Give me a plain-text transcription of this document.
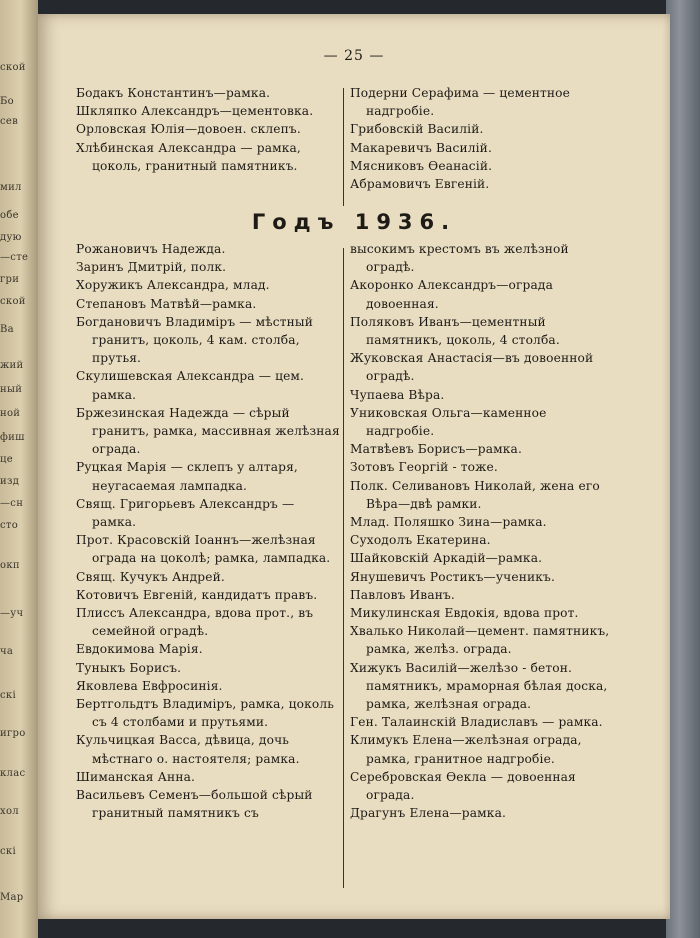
ской
Бо
сев
мил
обе
дую
—сте
гри
ской
Ва
жий
ный
ной
фиш
це
изд
—сн
сто
окп
—уч
ча
скі
игро
клас
хол
скі
Мар
— 25 —

Бодакъ Константинъ—рамка.

Шкляпко Александръ—цементовка.

Орловская Юлія—довоен. склепъ.

Хлѣбинская Александра — рамка, цоколь, гранитный памятникъ.

Подерни Серафима — цементное надгробіе.

Грибовскій Василій.

Макаревичъ Василій.

Мясниковъ Ѳеанасій.

Абрамовичъ Евгеній.

Годъ 1936.

Рожановичъ Надежда.

Заринъ Дмитрій, полк.

Хоружикъ Александра, млад.

Степановъ Матвѣй—рамка.

Богдановичъ Владиміръ — мѣстный гранитъ, цоколь, 4 кам. столба, прутья.

Скулишевская Александра — цем. рамка.

Бржезинская Надежда — сѣрый гранитъ, рамка, массивная желѣзная ограда.

Руцкая Марія — склепъ у алтаря, неугасаемая лампадка.

Свящ. Григорьевъ Александръ — рамка.

Прот. Красовскій Іоаннъ—желѣзная ограда на цоколѣ; рамка, лампадка.

Свящ. Кучукъ Андрей.

Котовичъ Евгеній, кандидатъ правъ.

Плиссъ Александра, вдова прот., въ семейной оградѣ.

Евдокимова Марія.

Туныкъ Борисъ.

Яковлева Евфросинія.

Бертгольдтъ Владиміръ, рамка, цоколь съ 4 столбами и прутьями.

Кульчицкая Васса, дѣвица, дочь мѣстнаго о. настоятеля; рамка.

Шиманская Анна.

Васильевъ Семенъ—большой сѣрый гранитный памятникъ съ

высокимъ крестомъ въ желѣзной оградѣ.

Акоронко Александръ—ограда довоенная.

Поляковъ Иванъ—цементный памятникъ, цоколь, 4 столба.

Жуковская Анастасія—въ довоенной оградѣ.

Чупаева Вѣра.

Униковская Ольга—каменное надгробіе.

Матвѣевъ Борисъ—рамка.

Зотовъ Георгій - тоже.

Полк. Селивановъ Николай, жена его Вѣра—двѣ рамки.

Млад. Поляшко Зина—рамка.

Суходолъ Екатерина.

Шайковскій Аркадій—рамка.

Янушевичъ Ростикъ—ученикъ.

Павловъ Иванъ.

Микулинская Евдокія, вдова прот.

Хвалько Николай—цемент. памятникъ, рамка, желѣз. ограда.

Хижукъ Василій—желѣзо - бетон. памятникъ, мраморная бѣлая доска, рамка, желѣзная ограда.

Ген. Талаинскій Владиславъ — рамка.

Климукъ Елена—желѣзная ограда, рамка, гранитное надгробіе.

Серебровская Ѳекла — довоенная ограда.

Драгунъ Елена—рамка.
